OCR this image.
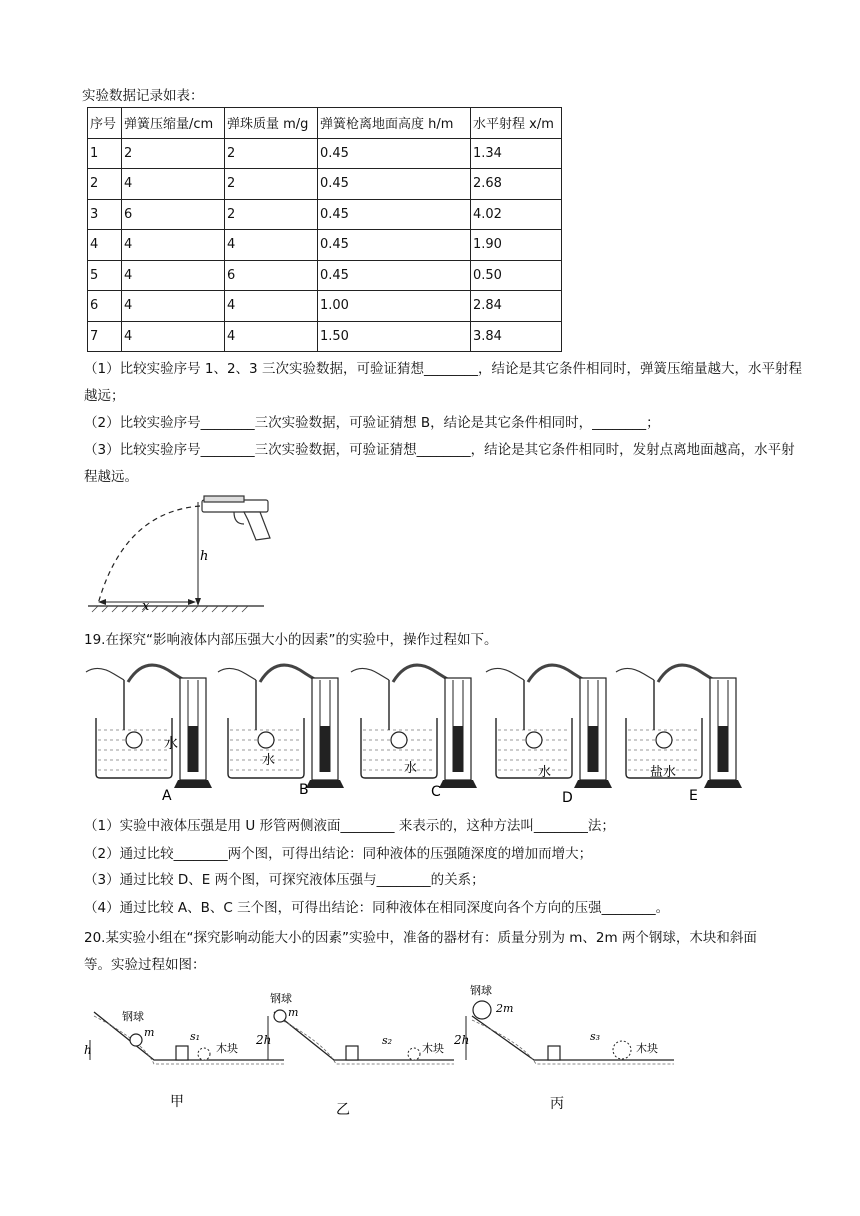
实验数据记录如表：
序号	弹簧压缩量/cm	弹珠质量 m/g	弹簧枪离地面高度 h/m	水平射程 x/m
1	2	2	0.45	1.34
2	4	2	0.45	2.68
3	6	2	0.45	4.02
4	4	4	0.45	1.90
5	4	6	0.45	0.50
6	4	4	1.00	2.84
7	4	4	1.50	3.84
（1）比较实验序号 1、2、3 三次实验数据，可验证猜想________，结论是其它条件相同时，弹簧压缩量越大，水平射程越远；
（2）比较实验序号________三次实验数据，可验证猜想 B，结论是其它条件相同时，________；
（3）比较实验序号________三次实验数据，可验证猜想________，结论是其它条件相同时，发射点离地面越高，水平射程越远。
h
x
19.在探究“影响液体内部压强大小的因素”的实验中，操作过程如下。
水
水
水	水	盐水
A	B	C	D	E
（1）实验中液体压强是用 U 形管两侧液面________ 来表示的，这种方法叫________法；
（2）通过比较________两个图，可得出结论：同种液体的压强随深度的增加而增大；
（3）通过比较 D、E 两个图，可探究液体压强与________的关系；
（4）通过比较 A、B、C 三个图，可得出结论：同种液体在相同深度向各个方向的压强________。
20.某实验小组在“探究影响动能大小的因素”实验中，准备的器材有：质量分别为 m、2m 两个钢球，木块和斜面等。实验过程如图：
钢球
m
h
s₁
木块
甲
钢球
m
2h	s₂
木块
乙
钢球
2m
2h	s₃
木块
丙
